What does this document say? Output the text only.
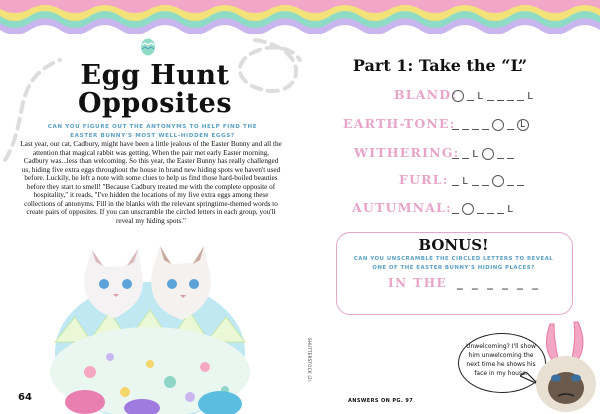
Egg Hunt
Opposites
CAN YOU FIGURE OUT THE ANTONYMS TO HELP FIND THE EASTER BUNNY'S MOST WELL-HIDDEN EGGS?
Last year, our cat, Cadbury, might have been a little jealous of the Easter Bunny and all the attention that magical rabbit was getting. When the pair met early Easter morning, Cadbury was...less than welcoming. So this year, the Easter Bunny has really challenged us, hiding five extra eggs throughout the house in brand new hiding spots we haven't used before. Luckily, he left a note with some clues to help us find those hard-boiled beauties before they start to smell! "Because Cadbury treated me with the complete opposite of hospitality," it reads, "I've hidden the locations of my five extra eggs among these collections of antonyms. Fill in the blanks with the relevant springtime-themed words to create pairs of opposites. If you can unscramble the circled letters in each group, you'll reveal my hiding spots."
64
SHUTTERSTOCK (2)
Part 1: Take the “L”
BLAND: L	L
EARTH-TONE:	L
WITHERING: L
FURL: L
AUTUMNAL:	L
BONUS!
CAN YOU UNSCRAMBLE THE CIRCLED LETTERS TO REVEAL ONE OF THE EASTER BUNNY'S HIDING PLACES?
IN THE _ _ _ _ _ _
Unwelcoming? I'll show him unwelcoming the next time he shows his face in my house.
ANSWERS ON PG. 97
